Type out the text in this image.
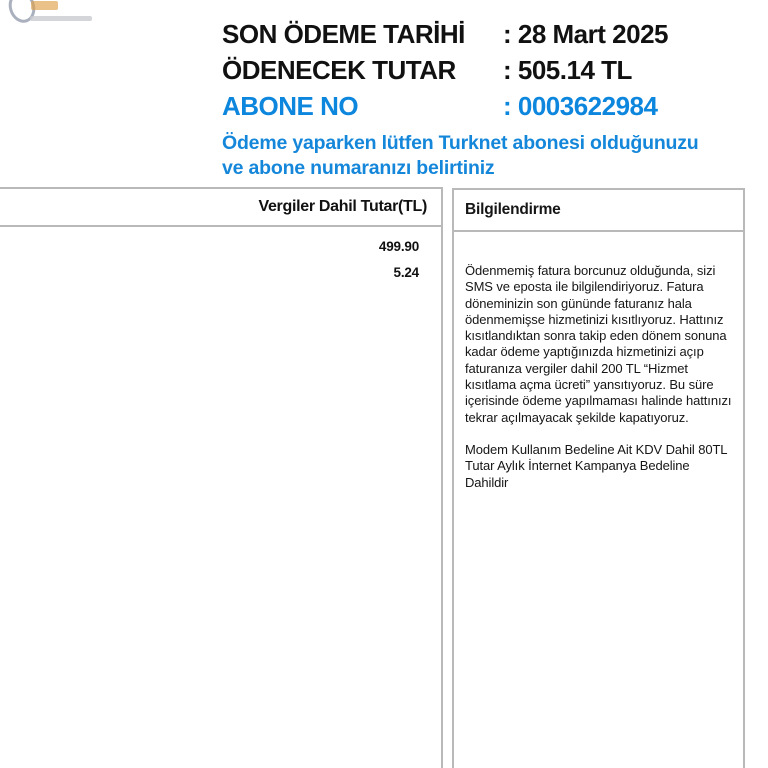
SON ÖDEME TARİHİ	: 28 Mart 2025
ÖDENECEK TUTAR	: 505.14 TL
ABONE NO	: 0003622984
Ödeme yaparken lütfen Turknet abonesi olduğunuzu
ve abone numaranızı belirtiniz
Vergiler Dahil Tutar(TL)
499.90
5.24
Bilgilendirme

Ödenmemiş fatura borcunuz olduğunda, sizi SMS ve eposta ile bilgilendiriyoruz. Fatura döneminizin son gününde faturanız hala ödenmemişse hizmetinizi kısıtlıyoruz. Hattınız kısıtlandıktan sonra takip eden dönem sonuna kadar ödeme yaptığınızda hizmetinizi açıp faturanıza vergiler dahil 200 TL “Hizmet kısıtlama açma ücreti” yansıtıyoruz. Bu süre içerisinde ödeme yapılmaması halinde hattınızı tekrar açılmayacak şekilde kapatıyoruz.

Modem Kullanım Bedeline Ait KDV Dahil 80TL Tutar Aylık İnternet Kampanya Bedeline Dahildir
